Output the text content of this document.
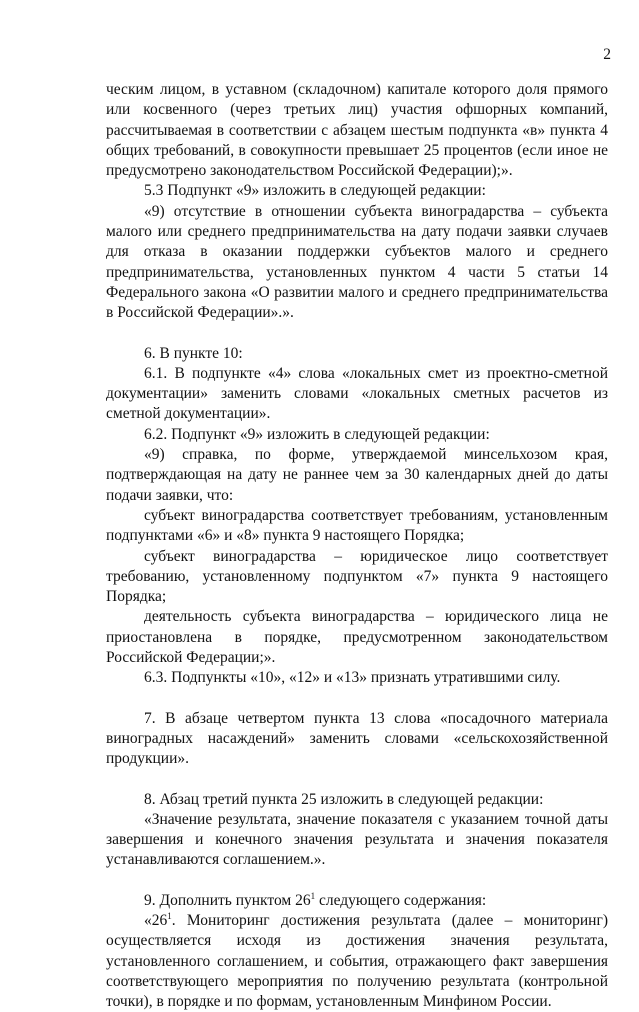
2

ческим лицом, в уставном (складочном) капитале которого доля прямого или косвенного (через третьих лиц) участия офшорных компаний, рассчитываемая в соответствии с абзацем шестым подпункта «в» пункта 4 общих требований, в совокупности превышает 25 процентов (если иное не предусмотрено законодательством Российской Федерации);».

5.3 Подпункт «9» изложить в следующей редакции:

«9) отсутствие в отношении субъекта виноградарства – субъекта малого или среднего предпринимательства на дату подачи заявки случаев для отказа в оказании поддержки субъектов малого и среднего предпринимательства, установленных пунктом 4 части 5 статьи 14 Федерального закона «О развитии малого и среднего предпринимательства в Российской Федерации».».

6. В пункте 10:

6.1. В подпункте «4» слова «локальных смет из проектно-сметной документации» заменить словами «локальных сметных расчетов из сметной документации».

6.2. Подпункт «9» изложить в следующей редакции:

«9) справка, по форме, утверждаемой минсельхозом края, подтверждающая на дату не раннее чем за 30 календарных дней до даты подачи заявки, что:

субъект виноградарства соответствует требованиям, установленным подпунктами «6» и «8» пункта 9 настоящего Порядка;

субъект виноградарства – юридическое лицо соответствует требованию, установленному подпунктом «7» пункта 9 настоящего Порядка;

деятельность субъекта виноградарства – юридического лица не приостановлена в порядке, предусмотренном законодательством Российской Федерации;».

6.3. Подпункты «10», «12» и «13» признать утратившими силу.

7. В абзаце четвертом пункта 13 слова «посадочного материала виноградных насаждений» заменить словами «сельскохозяйственной продукции».

8. Абзац третий пункта 25 изложить в следующей редакции:

«Значение результата, значение показателя с указанием точной даты завершения и конечного значения результата и значения показателя устанавливаются соглашением.».

9. Дополнить пунктом $26^1$ следующего содержания:

«$26^1$. Мониторинг достижения результата (далее – мониторинг) осуществляется исходя из достижения значения результата, установленного соглашением, и события, отражающего факт завершения соответствующего мероприятия по получению результата (контрольной точки), в порядке и по формам, установленным Минфином России.
